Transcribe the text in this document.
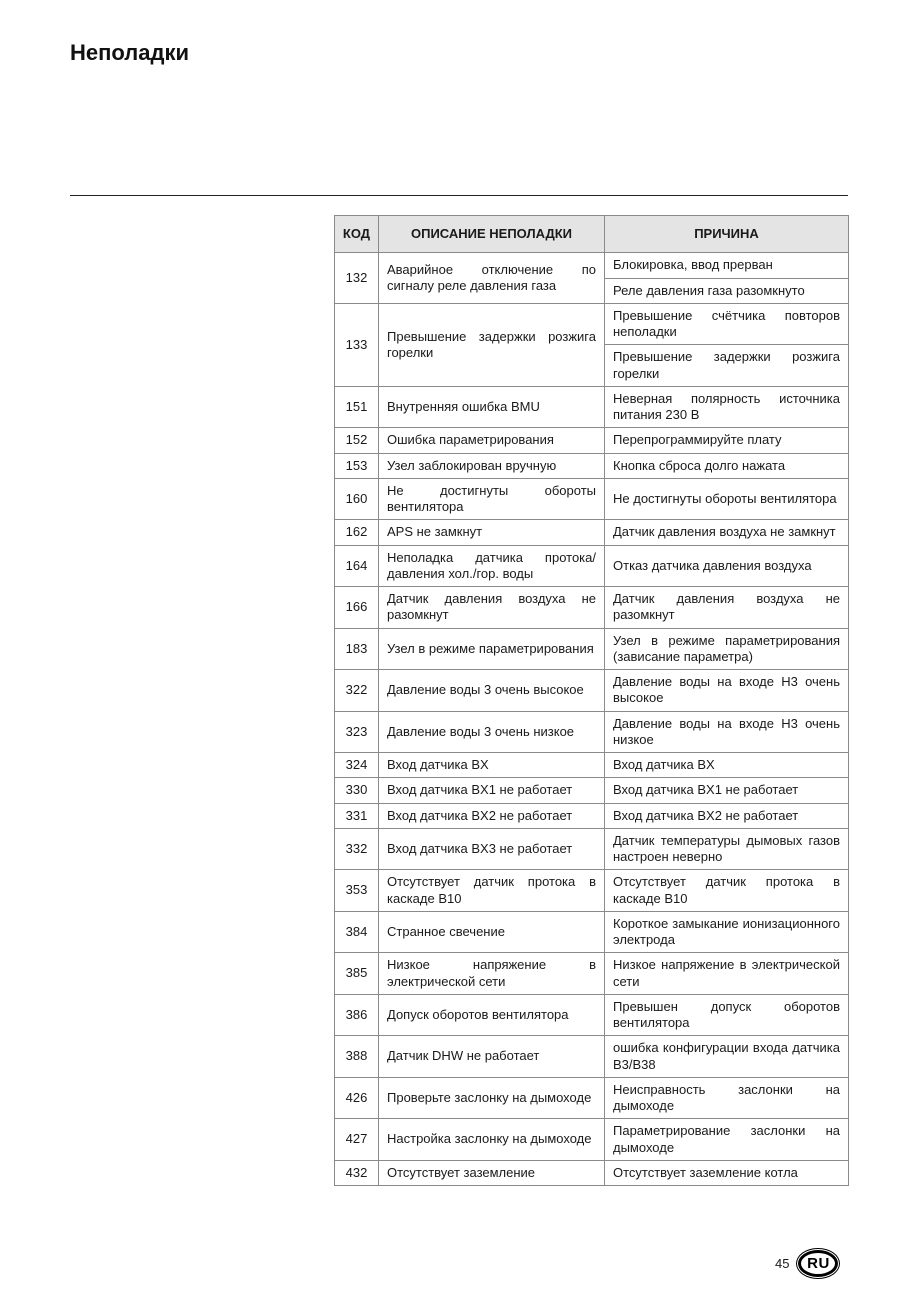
Неполадки
КОД	ОПИСАНИЕ НЕПОЛАДКИ	ПРИЧИНА
132	Аварийное отключение по сигналу реле давления газа	Блокировка, ввод прерван
Реле давления газа разомкнуто

133	Превышение задержки розжига горелки	Превышение счётчика повторов неполадки
Превышение задержки розжига горелки

151	Внутренняя ошибка BMU	Неверная полярность источника питания 230 В

152	Ошибка параметрирования	Перепрограммируйте плату

153	Узел заблокирован вручную	Кнопка сброса долго нажата

160	Не достигнуты обороты вентилятора	Не достигнуты обороты вентилятора

162	APS не замкнут	Датчик давления воздуха не замкнут

164	Неполадка датчика протока/давления хол./гор. воды	Отказ датчика давления воздуха

166	Датчик давления воздуха не разомкнут	Датчик давления воздуха не разомкнут

183	Узел в режиме параметрирования	Узел в режиме параметрирования (зависание параметра)

322	Давление воды 3 очень высокое	Давление воды на входе H3 очень высокое

323	Давление воды 3 очень низкое	Давление воды на входе H3 очень низкое

324	Вход датчика BX	Вход датчика BX

330	Вход датчика BX1 не работает	Вход датчика BX1 не работает

331	Вход датчика BX2 не работает	Вход датчика BX2 не работает

332	Вход датчика BX3 не работает	Датчик температуры дымовых газов настроен неверно

353	Отсутствует датчик протока в каскаде B10	Отсутствует датчик протока в каскаде B10

384	Странное свечение	Короткое замыкание ионизационного электрода

385	Низкое напряжение в электрической сети	Низкое напряжение в электрической сети

386	Допуск оборотов вентилятора	Превышен допуск оборотов вентилятора

388	Датчик DHW не работает	ошибка конфигурации входа датчика B3/B38

426	Проверьте заслонку на дымоходе	Неисправность заслонки на дымоходе

427	Настройка заслонку на дымоходе	Параметрирование заслонки на дымоходе

432	Отсутствует заземление	Отсутствует заземление котла
45	RU
